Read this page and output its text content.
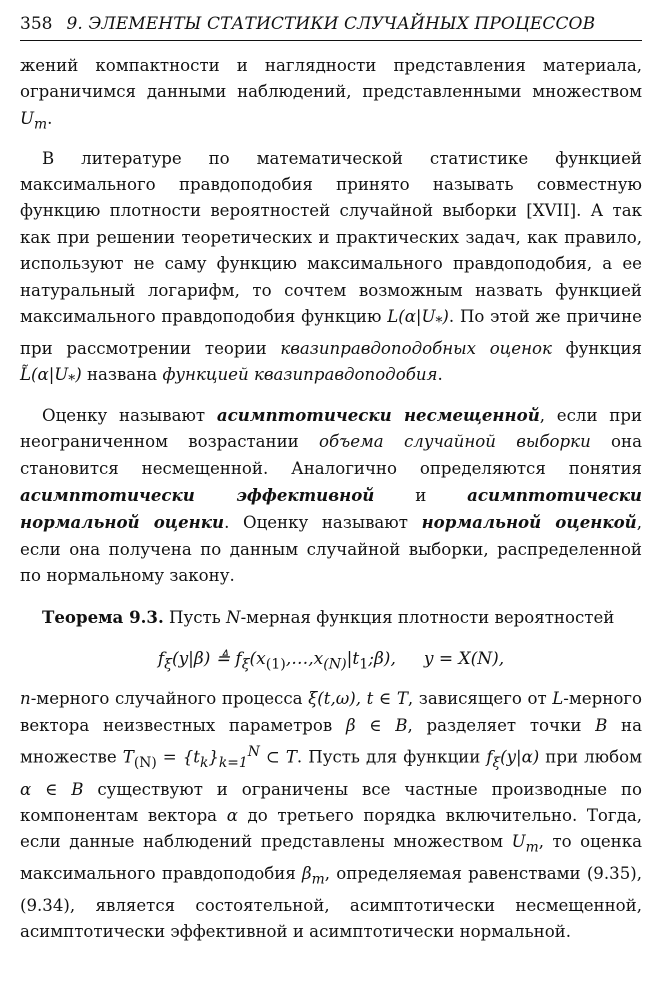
358 9. ЭЛЕМЕНТЫ СТАТИСТИКИ СЛУЧАЙНЫХ ПРОЦЕССОВ

жений компактности и наглядности представления материала, ограничимся данными наблюдений, представленными множеством $U_m$.

В литературе по математической статистике функцией максимального правдоподобия принято называть совместную функцию плотности вероятностей случайной выборки [XVII]. А так как при решении теоретических и практических задач, как правило, используют не саму функцию максимального правдоподобия, а ее натуральный логарифм, то сочтем возможным назвать функцией максимального правдоподобия функцию $L(\alpha|U_*)$. По этой же причине при рассмотрении теории квазиправдоподобных оценок функция $L̃(\alpha|U_*)$ названа функцией квазиправдоподобия.

Оценку называют асимптотически несмещенной, если при неограниченном возрастании объема случайной выборки она становится несмещенной. Аналогично определяются понятия асимптотически эффективной и асимптотически нормальной оценки. Оценку называют нормальной оценкой, если она получена по данным случайной выборки, распределенной по нормальному закону.

Теорема 9.3. Пусть N-мерная функция плотности вероятностей

$f_\xi(y|\beta)$ ≜ $f_\xi(x_{(1)},\dots,x_{(N)}|t_1;\beta)$, y = X(N),

n-мерного случайного процесса ξ(t,ω), t ∈ T, зависящего от L-мерного вектора неизвестных параметров β ∈ B, разделяет точки B на множестве $T_{(N)} = \{t_k\}_{k=1}^N$ ⊂ T. Пусть для функции $f_\xi(y|\alpha)$ при любом α ∈ B существуют и ограничены все частные производные по компонентам вектора α до третьего порядка включительно. Тогда, если данные наблюдений представлены множеством $U_m$, то оценка максимального правдоподобия $\beta_m$, определяемая равенствами (9.35), (9.34), является состоятельной, асимптотически несмещенной, асимптотически эффективной и асимптотически нормальной.
